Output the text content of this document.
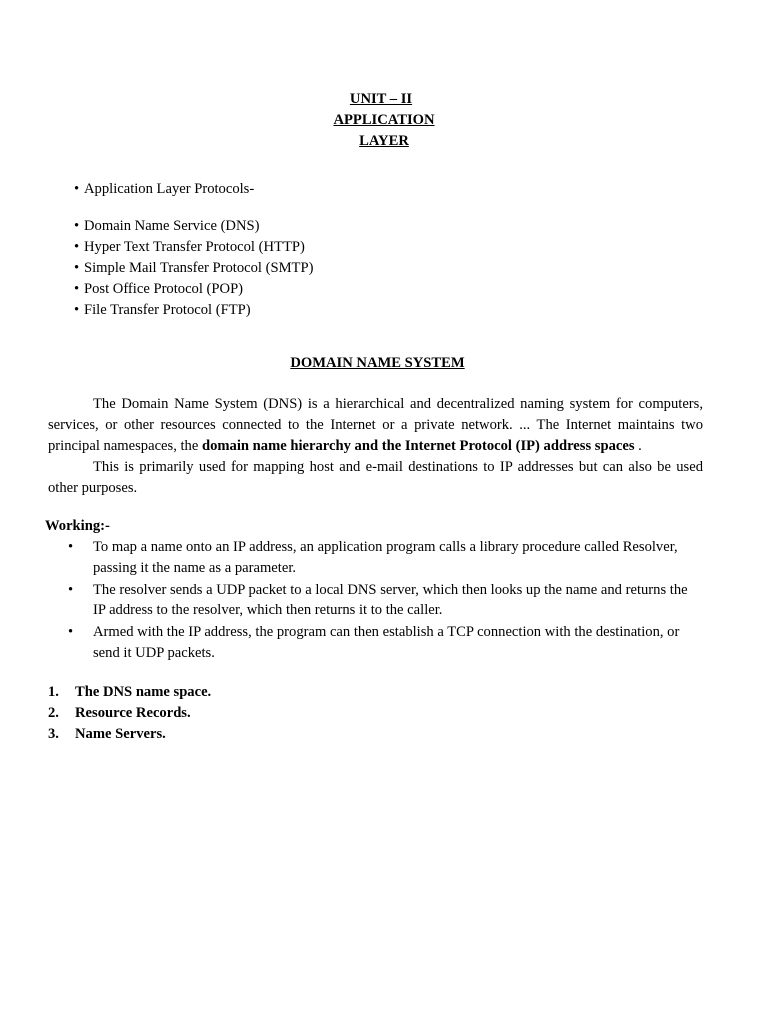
UNIT – II
APPLICATION
LAYER
• Application Layer Protocols-
• Domain Name Service (DNS)
• Hyper Text Transfer Protocol (HTTP)
• Simple Mail Transfer Protocol (SMTP)
• Post Office Protocol (POP)
• File Transfer Protocol (FTP)
DOMAIN NAME SYSTEM
The Domain Name System (DNS) is a hierarchical and decentralized naming system for computers, services, or other resources connected to the Internet or a private network. ... The Internet maintains two principal namespaces, the domain name hierarchy and the Internet Protocol (IP) address spaces .
This is primarily used for mapping host and e-mail destinations to IP addresses but can also be used other purposes.
Working:-
• To map a name onto an IP address, an application program calls a library procedure called Resolver, passing it the name as a parameter.
• The resolver sends a UDP packet to a local DNS server, which then looks up the name and returns the IP address to the resolver, which then returns it to the caller.
• Armed with the IP address, the program can then establish a TCP connection with the destination, or send it UDP packets.
1. The DNS name space.
2. Resource Records.
3. Name Servers.
